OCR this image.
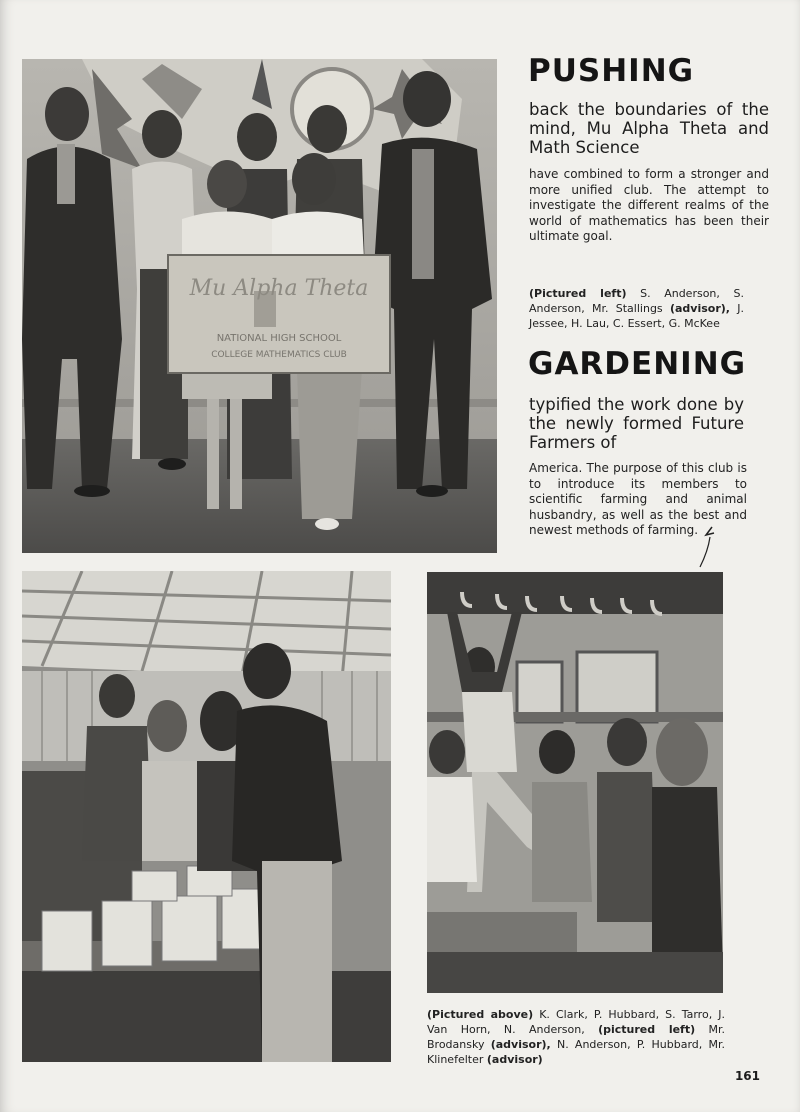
Mu Alpha Theta
NATIONAL HIGH SCHOOL
COLLEGE MATHEMATICS CLUB
PUSHING

back the boundaries of the mind, Mu Alpha Theta and Math Science

have combined to form a stronger and more unified club. The attempt to investigate the different realms of the world of mathematics has been their ultimate goal.

(Pictured left) S. Anderson, S. Anderson, Mr. Stallings (advisor), J. Jessee, H. Lau, C. Essert, G. McKee

GARDENING

typified the work done by the newly formed Future Farmers of

America. The purpose of this club is to introduce its members to scientific farming and animal husbandry, as well as the best and newest methods of farming.

(Pictured above) K. Clark, P. Hubbard, S. Tarro, J. Van Horn, N. Anderson, (pictured left) Mr. Brodansky (advisor), N. Anderson, P. Hubbard, Mr. Klinefelter (advisor)

161
